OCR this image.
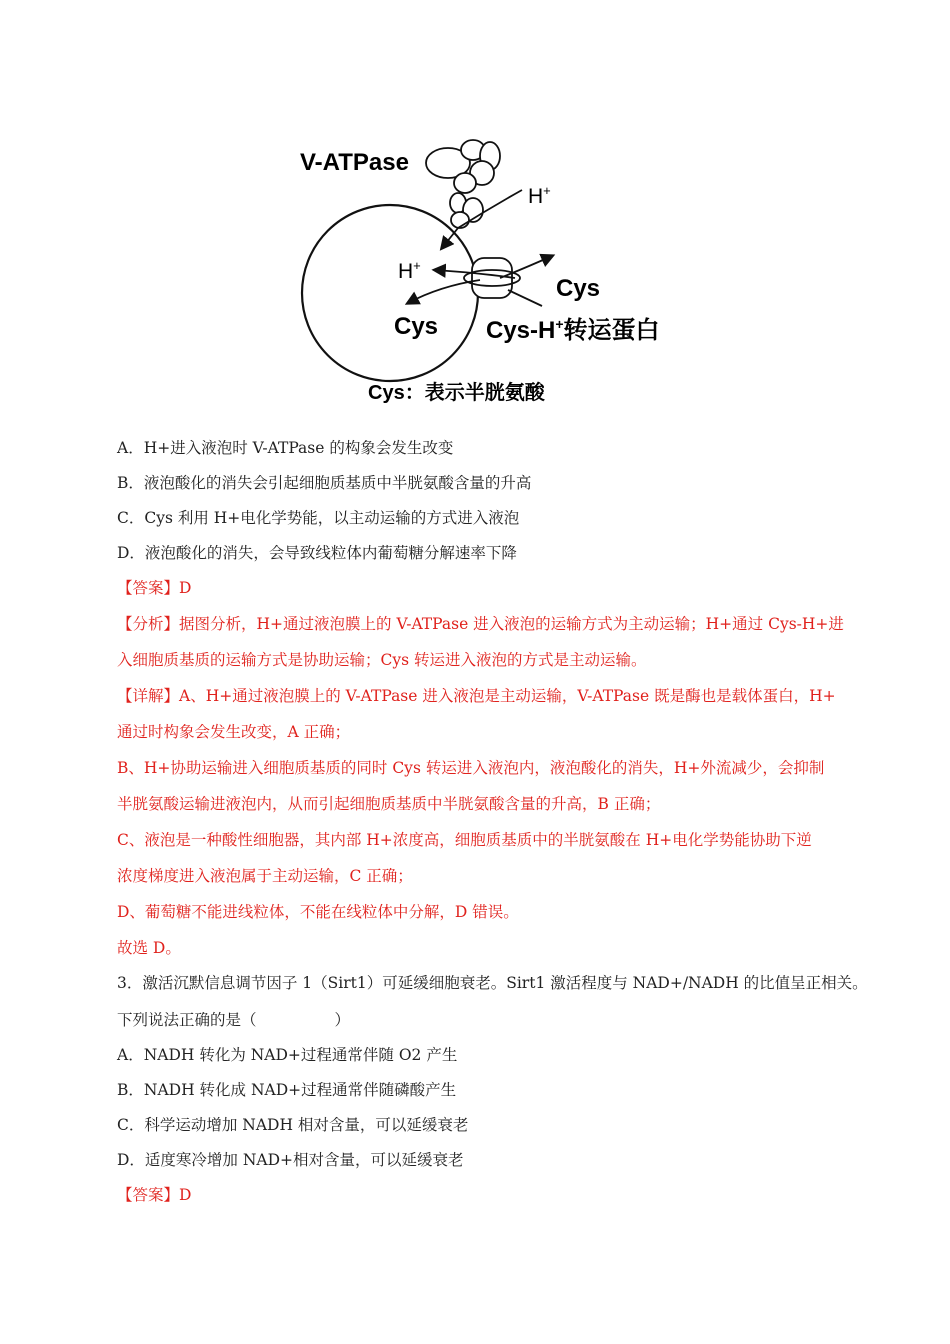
V-ATPase
H+
H+
Cys
Cys Cys-H+转运蛋白
Cys：表示半胱氨酸
A．H+进入液泡时 V-ATPase 的构象会发生改变
B．液泡酸化的消失会引起细胞质基质中半胱氨酸含量的升高
C．Cys 利用 H+电化学势能，以主动运输的方式进入液泡
D．液泡酸化的消失，会导致线粒体内葡萄糖分解速率下降
【答案】D
【分析】据图分析，H+通过液泡膜上的 V-ATPase 进入液泡的运输方式为主动运输；H+通过 Cys-H+进
入细胞质基质的运输方式是协助运输；Cys 转运进入液泡的方式是主动运输。
【详解】A、H+通过液泡膜上的 V-ATPase 进入液泡是主动运输，V-ATPase 既是酶也是载体蛋白，H+
通过时构象会发生改变，A 正确；
B、H+协助运输进入细胞质基质的同时 Cys 转运进入液泡内，液泡酸化的消失，H+外流减少，会抑制
半胱氨酸运输进液泡内，从而引起细胞质基质中半胱氨酸含量的升高，B 正确；
C、液泡是一种酸性细胞器，其内部 H+浓度高，细胞质基质中的半胱氨酸在 H+电化学势能协助下逆
浓度梯度进入液泡属于主动运输，C 正确；
D、葡萄糖不能进线粒体，不能在线粒体中分解，D 错误。
故选 D。
3．激活沉默信息调节因子 1（Sirt1）可延缓细胞衰老。Sirt1 激活程度与 NAD+/NADH 的比值呈正相关。
下列说法正确的是（	）
A．NADH 转化为 NAD+过程通常伴随 O2 产生
B．NADH 转化成 NAD+过程通常伴随磷酸产生
C．科学运动增加 NADH 相对含量，可以延缓衰老
D．适度寒冷增加 NAD+相对含量，可以延缓衰老
【答案】D
